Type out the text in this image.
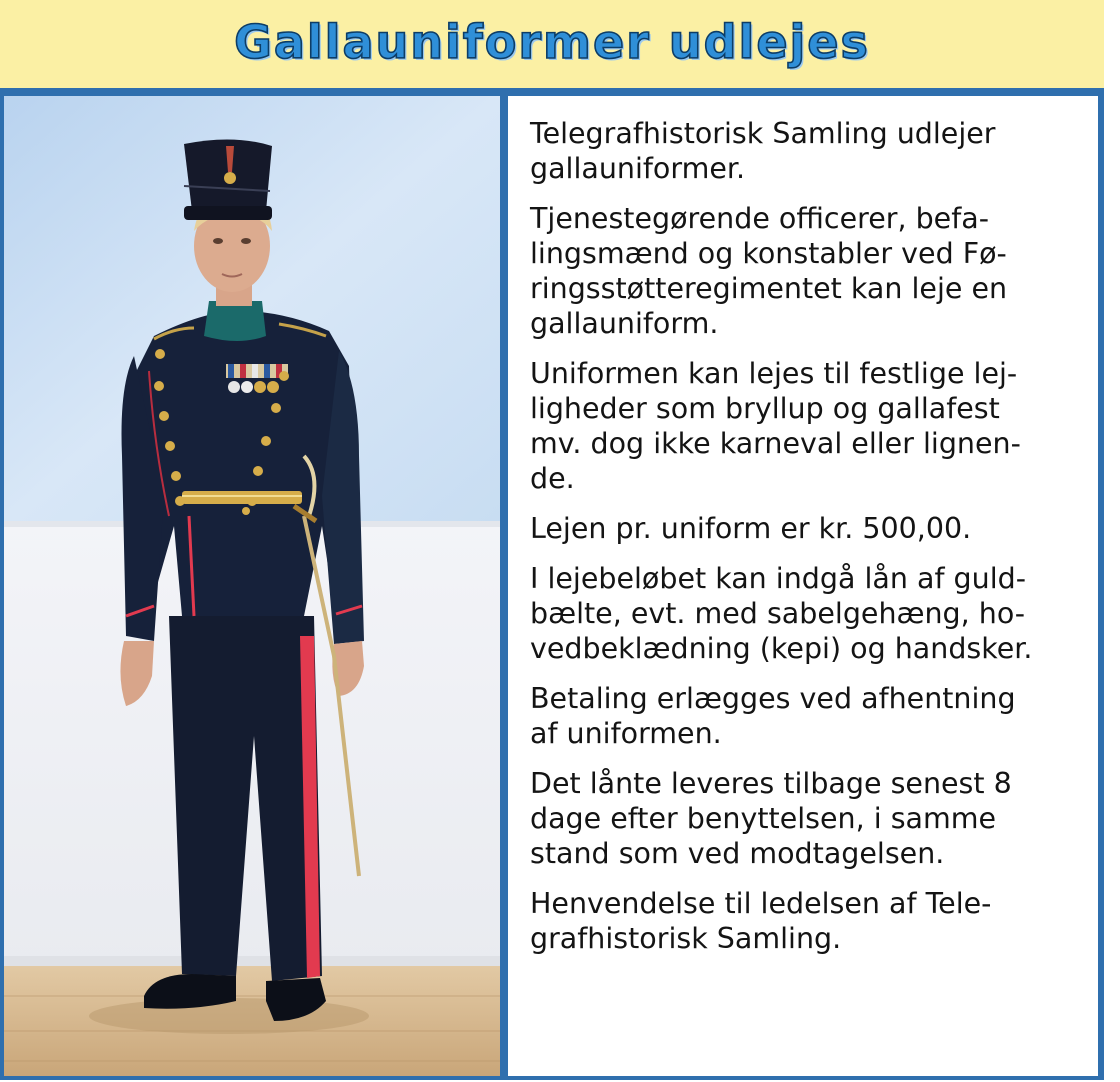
Gallauniformer udlejes

Telegrafhistorisk Samling udlejer
gallauniformer.

Tjenestegørende officerer, befa-
lingsmænd og konstabler ved Fø-
ringsstøtteregimentet kan leje en
gallauniform.

Uniformen kan lejes til festlige lej-
ligheder som bryllup og gallafest
mv. dog ikke karneval eller lignen-
de.

Lejen pr. uniform er kr. 500,00.

I lejebeløbet kan indgå lån af guld-
bælte, evt. med sabelgehæng, ho-
vedbeklædning (kepi) og handsker.

Betaling erlægges ved afhentning
af uniformen.

Det lånte leveres tilbage senest 8
dage efter benyttelsen, i samme
stand som ved modtagelsen.

Henvendelse til ledelsen af Tele-
grafhistorisk Samling.
